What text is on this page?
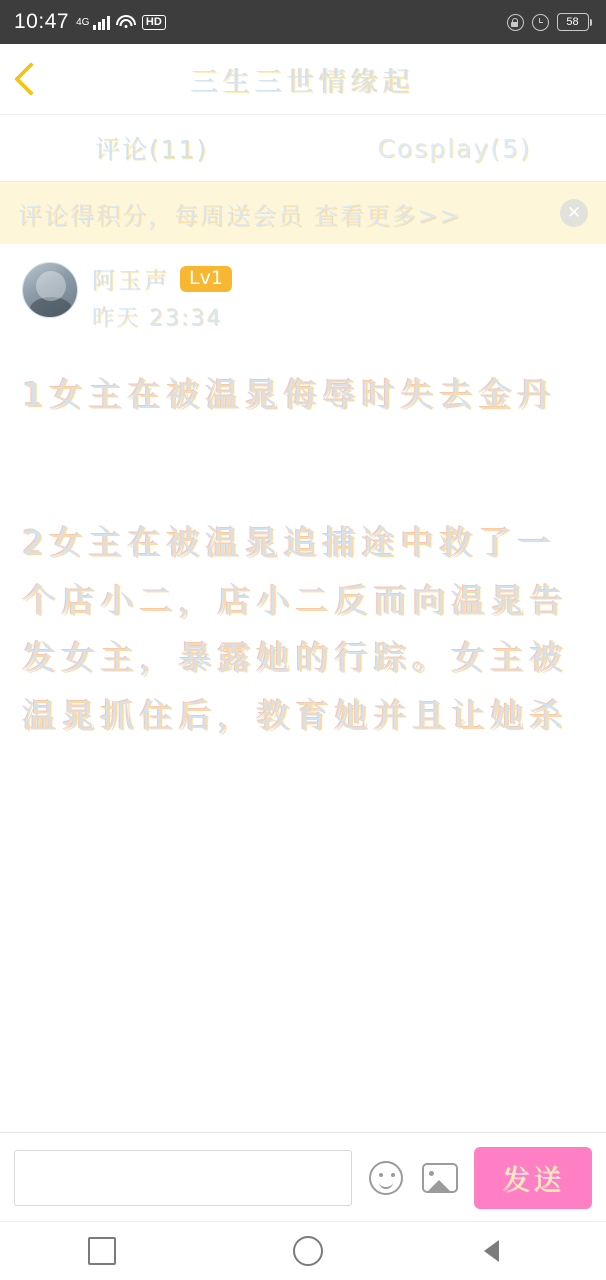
10:47 4G	HD	58
三生三世情缘起
评论(11)	Cosplay(5)
评论得积分，每周送会员 查看更多>>	✕
阿玉声	Lv1
昨天 23:34

1女主在被温晁侮辱时失去金丹

2女主在被温晁追捕途中救了一个店小二，店小二反而向温晁告发女主，暴露她的行踪。女主被温晁抓住后，教育她并且让她杀

发送
